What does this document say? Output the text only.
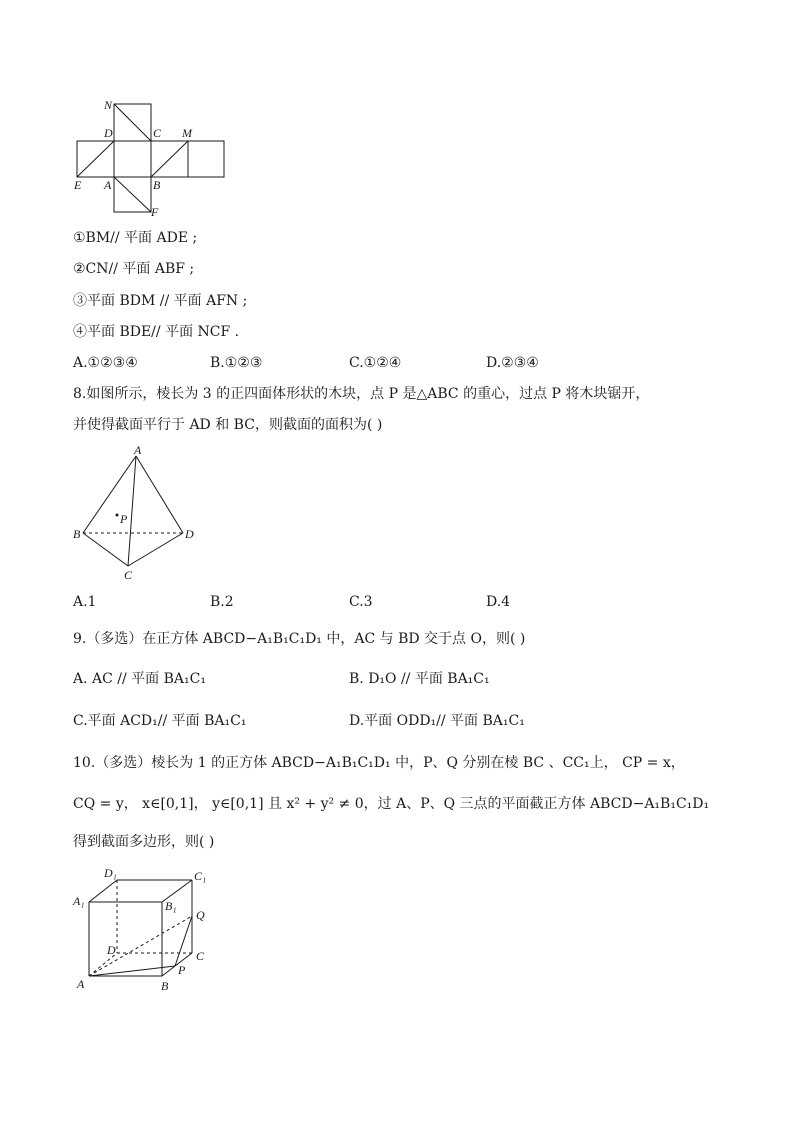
N
D	C M
E A	B
F
①BM// 平面 ADE ;
②CN// 平面 ABF ;
③平面 BDM // 平面 AFN ;
④平面 BDE// 平面 NCF .
A.①②③④	B.①②③	C.①②④	D.②③④
8.如图所示，棱长为 3 的正四面体形状的木块，点 P 是△ABC 的重心，过点 P 将木块锯开，
并使得截面平行于 AD 和 BC，则截面的面积为( )
A
B	D
C
P
A.1	B.2	C.3	D.4
9.（多选）在正方体 ABCD−A₁B₁C₁D₁ 中，AC 与 BD 交于点 O，则( )
A. AC // 平面 BA₁C₁	B. D₁O // 平面 BA₁C₁
C.平面 ACD₁// 平面 BA₁C₁	D.平面 ODD₁// 平面 BA₁C₁
10.（多选）棱长为 1 的正方体 ABCD−A₁B₁C₁D₁ 中，P、Q 分别在棱 BC 、CC₁上， CP = x，
CQ = y， x∈[0,1]， y∈[0,1] 且 x² + y² ≠ 0，过 A、P、Q 三点的平面截正方体 ABCD−A₁B₁C₁D₁
得到截面多边形，则( )
D₁	C₁
A₁	B₁
Q
D	C
P
A	B
